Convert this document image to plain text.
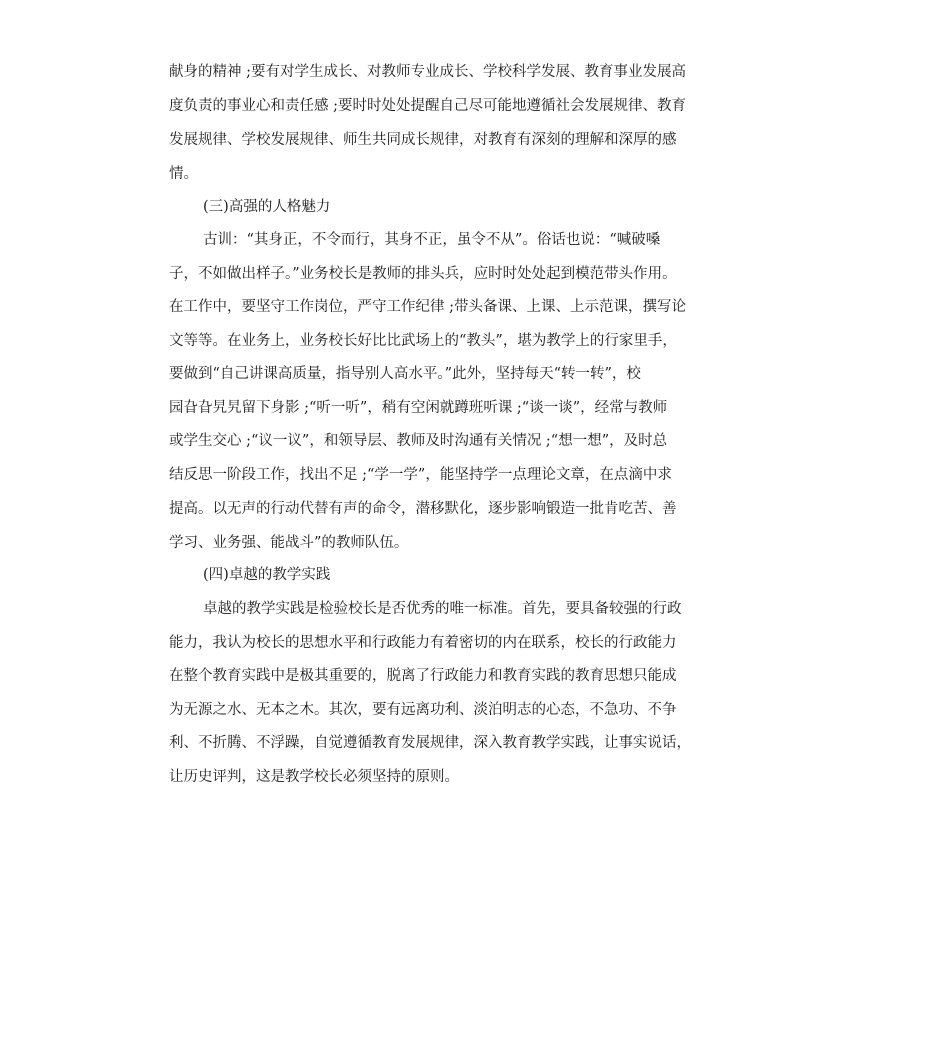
献身的精神 ;要有对学生成长、对教师专业成长、学校科学发展、教育事业发展高
度负责的事业心和责任感 ;要时时处处提醒自己尽可能地遵循社会发展规律、教育
发展规律、学校发展规律、师生共同成长规律，对教育有深刻的理解和深厚的感
情。
(三)高强的人格魅力
古训：“其身正，不令而行，其身不正，虽令不从”。俗话也说：“喊破嗓
子，不如做出样子。”业务校长是教师的排头兵，应时时处处起到模范带头作用。
在工作中，要坚守工作岗位，严守工作纪律 ;带头备课、上课、上示范课，撰写论
文等等。在业务上，业务校长好比比武场上的“教头”，堪为教学上的行家里手，
要做到“自己讲课高质量，指导别人高水平。”此外，坚持每天“转一转”，校
园旮旮旯旯留下身影 ;“听一听”，稍有空闲就蹲班听课 ;“谈一谈”，经常与教师
或学生交心 ;“议一议”，和领导层、教师及时沟通有关情况 ;“想一想”，及时总
结反思一阶段工作，找出不足 ;“学一学”，能坚持学一点理论文章，在点滴中求
提高。以无声的行动代替有声的命令，潜移默化，逐步影响锻造一批肯吃苦、善
学习、业务强、能战斗”的教师队伍。
(四)卓越的教学实践
卓越的教学实践是检验校长是否优秀的唯一标准。首先，要具备较强的行政
能力，我认为校长的思想水平和行政能力有着密切的内在联系，校长的行政能力
在整个教育实践中是极其重要的，脱离了行政能力和教育实践的教育思想只能成
为无源之水、无本之木。其次，要有远离功利、淡泊明志的心态，不急功、不争
利、不折腾、不浮躁，自觉遵循教育发展规律，深入教育教学实践，让事实说话，
让历史评判，这是教学校长必须坚持的原则。
